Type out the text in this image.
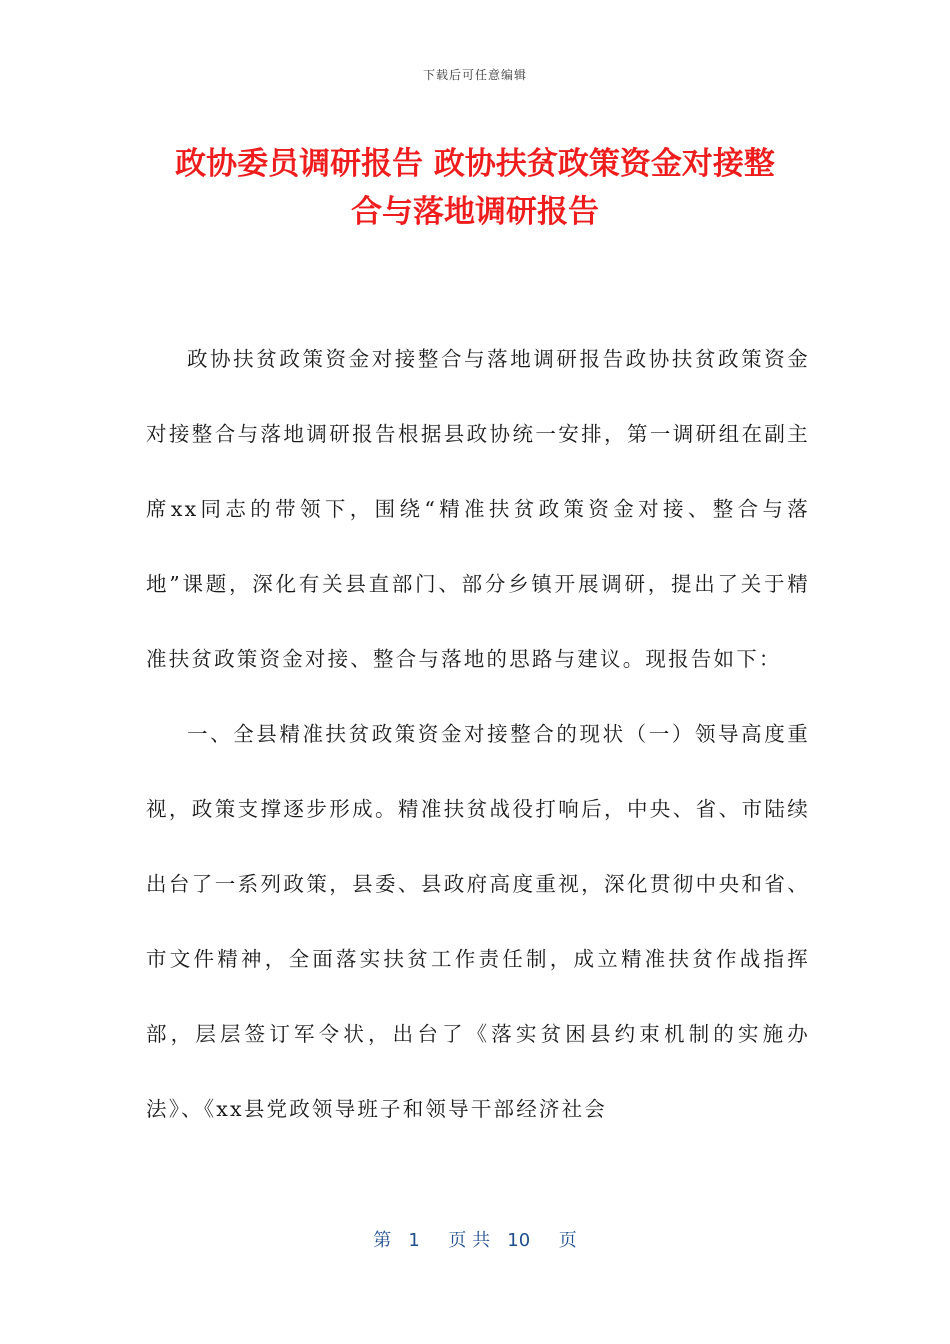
下载后可任意编辑
政协委员调研报告 政协扶贫政策资金对接整
合与落地调研报告

政协扶贫政策资金对接整合与落地调研报告政协扶贫政策资金对接整合与落地调研报告根据县政协统一安排，第一调研组在副主席xx同志的带领下，围绕“精准扶贫政策资金对接、整合与落地”课题，深化有关县直部门、部分乡镇开展调研，提出了关于精准扶贫政策资金对接、整合与落地的思路与建议。现报告如下：

一、全县精准扶贫政策资金对接整合的现状（一）领导高度重视，政策支撑逐步形成。精准扶贫战役打响后，中央、省、市陆续出台了一系列政策，县委、县政府高度重视，深化贯彻中央和省、市文件精神，全面落实扶贫工作责任制，成立精准扶贫作战指挥部，层层签订军令状，出台了《落实贫困县约束机制的实施办法》、《xx县党政领导班子和领导干部经济社会

第   1     页 共   10     页
